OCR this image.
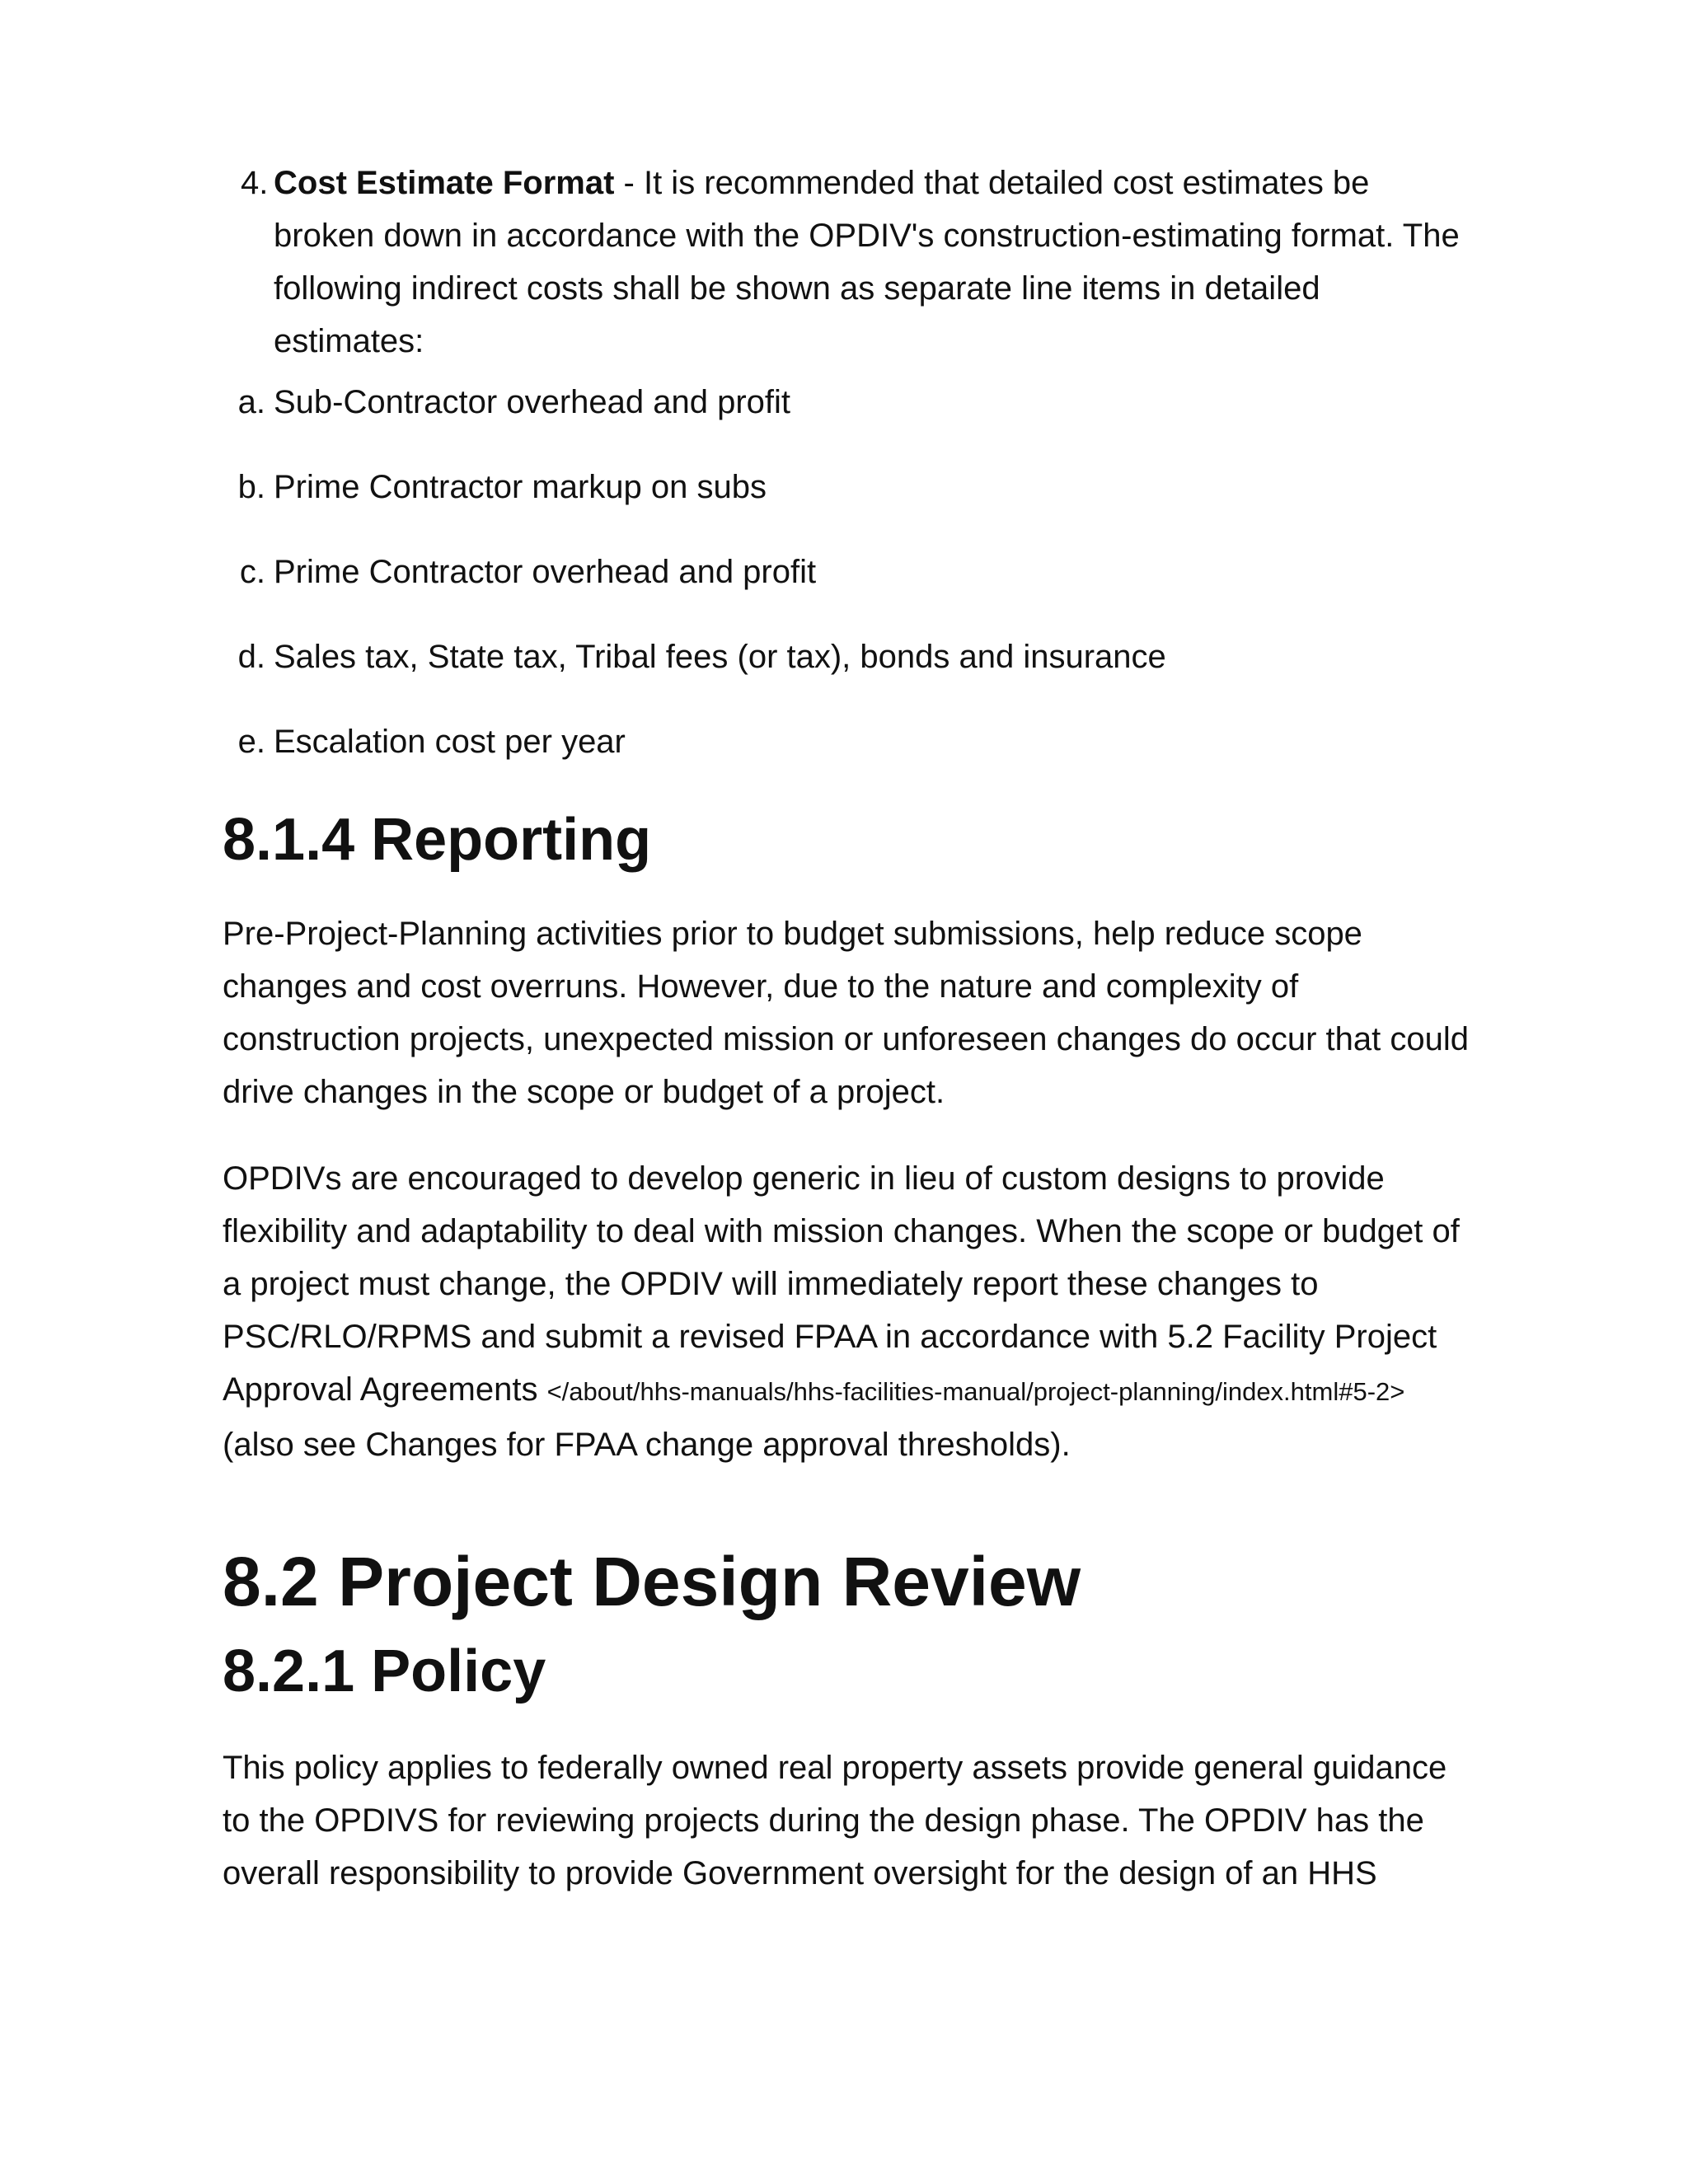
4. Cost Estimate Format - It is recommended that detailed cost estimates be broken down in accordance with the OPDIV's construction-estimating format. The following indirect costs shall be shown as separate line items in detailed estimates:
a. Sub-Contractor overhead and profit
b. Prime Contractor markup on subs
c. Prime Contractor overhead and profit
d. Sales tax, State tax, Tribal fees (or tax), bonds and insurance
e. Escalation cost per year
8.1.4 Reporting

Pre-Project-Planning activities prior to budget submissions, help reduce scope changes and cost overruns. However, due to the nature and complexity of construction projects, unexpected mission or unforeseen changes do occur that could drive changes in the scope or budget of a project.

OPDIVs are encouraged to develop generic in lieu of custom designs to provide flexibility and adaptability to deal with mission changes. When the scope or budget of a project must change, the OPDIV will immediately report these changes to PSC/RLO/RPMS and submit a revised FPAA in accordance with 5.2 Facility Project Approval Agreements </about/hhs-manuals/hhs-facilities-manual/project-planning/index.html#5-2>
(also see Changes for FPAA change approval thresholds).

8.2 Project Design Review
8.2.1 Policy

This policy applies to federally owned real property assets provide general guidance to the OPDIVS for reviewing projects during the design phase. The OPDIV has the overall responsibility to provide Government oversight for the design of an HHS
